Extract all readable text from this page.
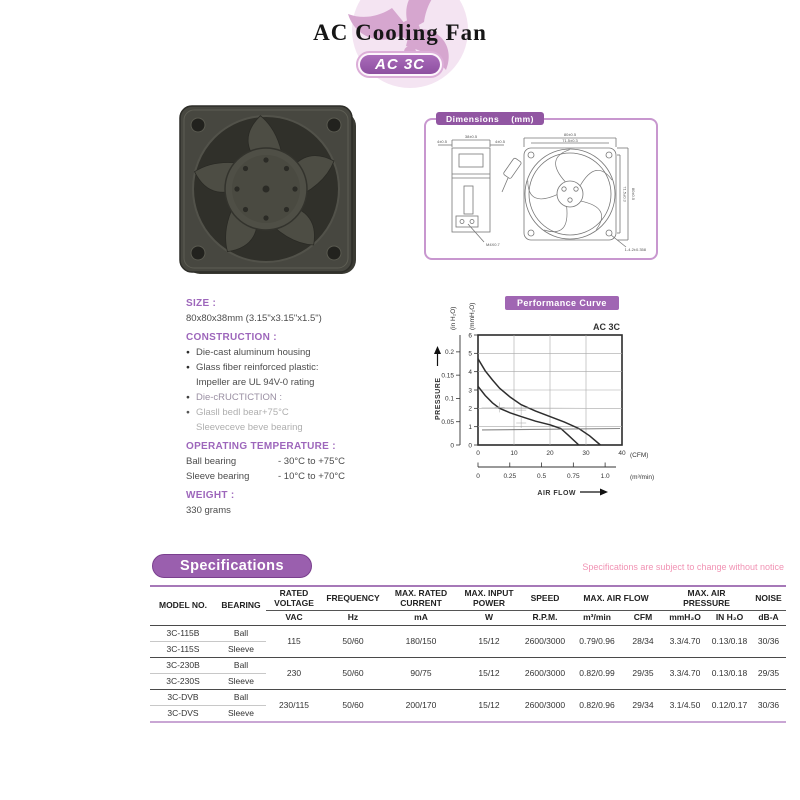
AC Cooling Fan
AC 3C
Dimensions (mm)
38±0.5
4±0.5	4±0.5
M4X0.7
80±0.5
71.5±0.3
71.5±0.3 80±0.5
1-4.2±0.358
SIZE :
80x80x38mm (3.15"x3.15"x1.5")
CONSTRUCTION :
● Die-cast aluminum housing
● Glass fiber reinforced plastic:
Impeller are UL 94V-0 rating
● Die-cRUCTICTION :
● Glasll bedl bear+75°C
Sleeveceve beve bearing
OPERATING TEMPERATURE :
Ball bearing	- 30°C to +75°C
Sleeve bearing	- 10°C to +70°C
WEIGHT :
330 grams
Performance Curve
(in H₂O) (mmH₂O)	AC 3C
PRESSURE
(CFM)
(m³/min)
AIR FLOW
0
1
2
3
4
5
6
0.2
0.15
0.1
0.05
0
0	10	20	30	40
0	0.25	0.5	0.75	1.0
Specifications	Specifications are subject to change without notice
MODEL NO.	BEARING	RATED VOLTAGE	FREQUENCY	MAX. RATED CURRENT	MAX. INPUT POWER	SPEED	MAX. AIR FLOW		MAX. AIR PRESSURE		NOISE
		VAC	Hz	mA	W	R.P.M.	m³/min	CFM	mmH₂O	IN H₂O	dB-A
3C-115B	Ball	115	50/60	180/150	15/12	2600/3000	0.79/0.96	28/34	3.3/4.70	0.13/0.18	30/36
3C-115S	Sleeve										
3C-230B	Ball	230	50/60	90/75	15/12	2600/3000	0.82/0.99	29/35	3.3/4.70	0.13/0.18	29/35
3C-230S	Sleeve										
3C-DVB	Ball	230/115	50/60	200/170	15/12	2600/3000	0.82/0.96	29/34	3.1/4.50	0.12/0.17	30/36
3C-DVS	Sleeve										
